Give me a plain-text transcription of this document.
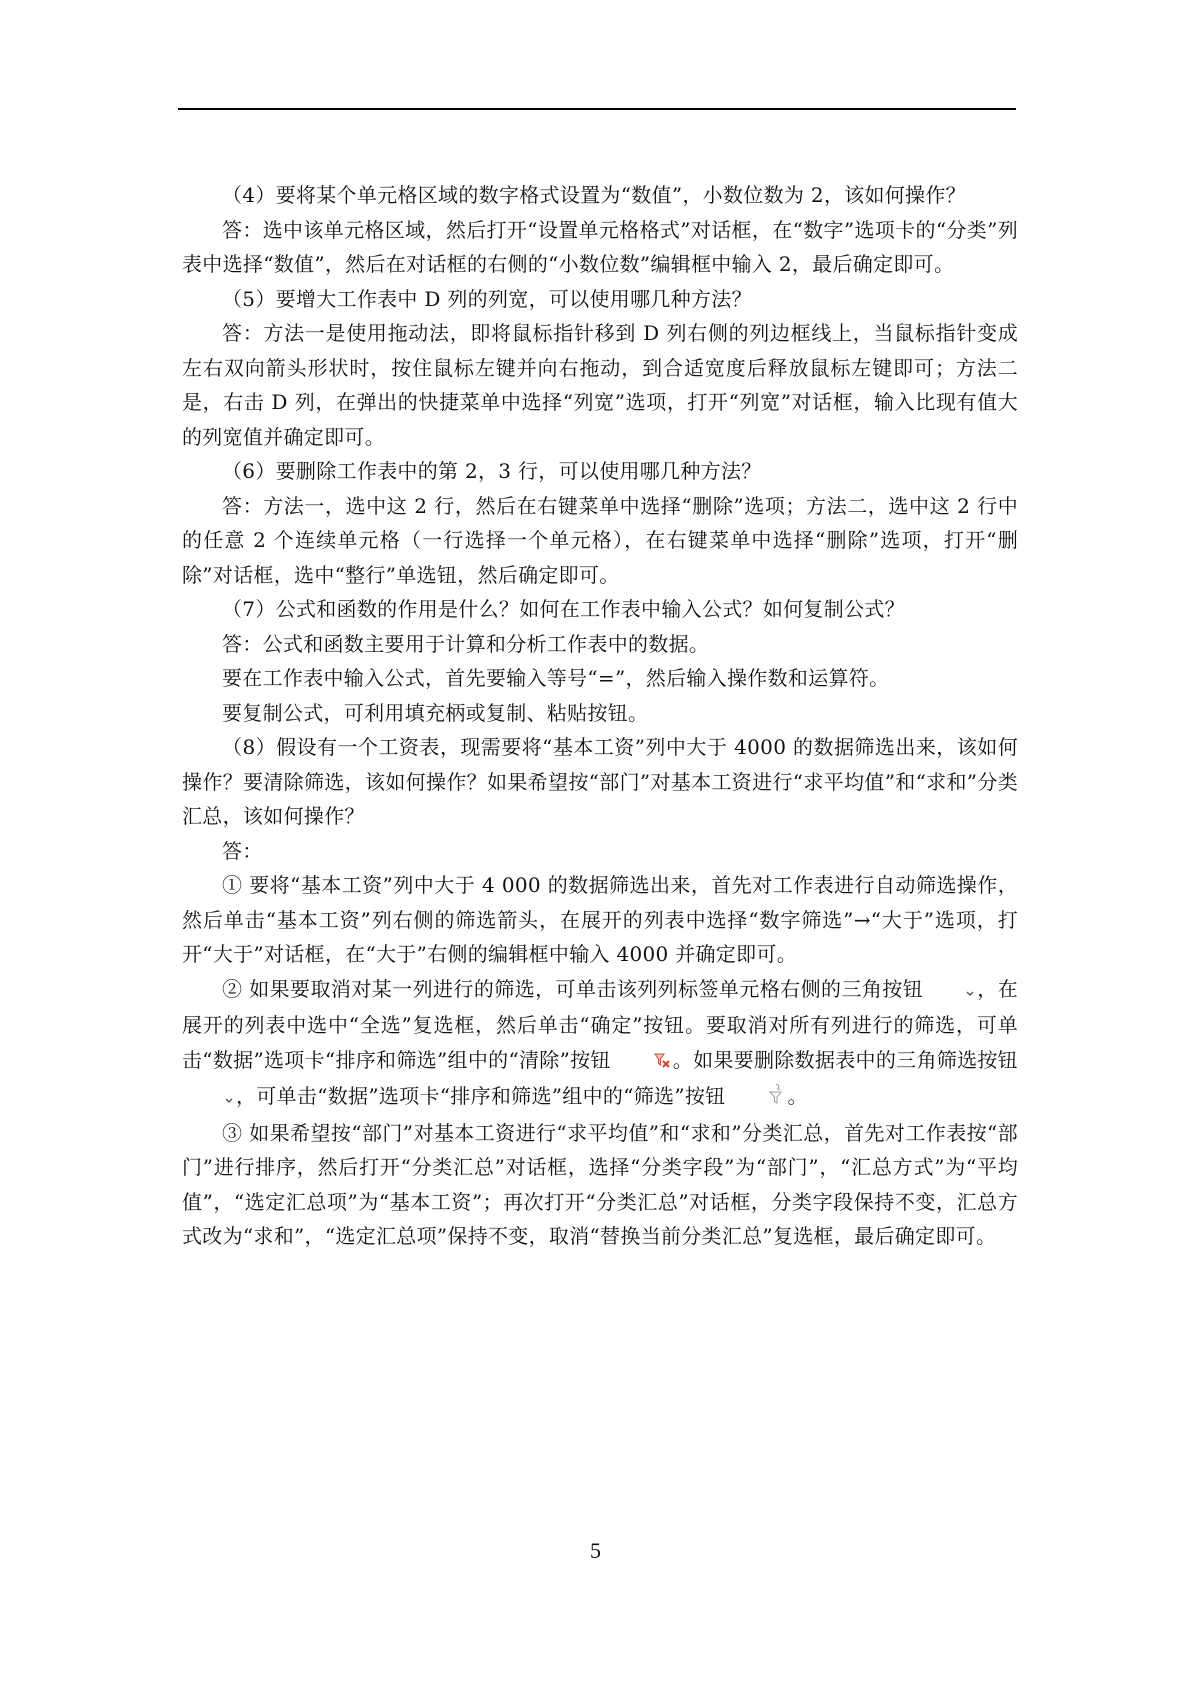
（4）要将某个单元格区域的数字格式设置为“数值”，小数位数为 2，该如何操作？

答：选中该单元格区域，然后打开“设置单元格格式”对话框，在“数字”选项卡的“分类”列表中选择“数值”，然后在对话框的右侧的“小数位数”编辑框中输入 2，最后确定即可。

（5）要增大工作表中 D 列的列宽，可以使用哪几种方法？

答：方法一是使用拖动法，即将鼠标指针移到 D 列右侧的列边框线上，当鼠标指针变成左右双向箭头形状时，按住鼠标左键并向右拖动，到合适宽度后释放鼠标左键即可；方法二是，右击 D 列，在弹出的快捷菜单中选择“列宽”选项，打开“列宽”对话框，输入比现有值大的列宽值并确定即可。

（6）要删除工作表中的第 2，3 行，可以使用哪几种方法？

答：方法一，选中这 2 行，然后在右键菜单中选择“删除”选项；方法二，选中这 2 行中的任意 2 个连续单元格（一行选择一个单元格），在右键菜单中选择“删除”选项，打开“删除”对话框，选中“整行”单选钮，然后确定即可。

（7）公式和函数的作用是什么？如何在工作表中输入公式？如何复制公式？

答：公式和函数主要用于计算和分析工作表中的数据。

要在工作表中输入公式，首先要输入等号“=”，然后输入操作数和运算符。

要复制公式，可利用填充柄或复制、粘贴按钮。

（8）假设有一个工资表，现需要将“基本工资”列中大于 4000 的数据筛选出来，该如何操作？要清除筛选，该如何操作？如果希望按“部门”对基本工资进行“求平均值”和“求和”分类汇总，该如何操作？

答：

① 要将“基本工资”列中大于 4 000 的数据筛选出来，首先对工作表进行自动筛选操作，然后单击“基本工资”列右侧的筛选箭头，在展开的列表中选择“数字筛选”→“大于”选项，打开“大于”对话框，在“大于”右侧的编辑框中输入 4000 并确定即可。

② 如果要取消对某一列进行的筛选，可单击该列列标签单元格右侧的三角按钮	，在展开的列表中选中“全选”复选框，然后单击“确定”按钮。要取消对所有列进行的筛选，可单击“数据”选项卡“排序和筛选”组中的“清除”按钮	。如果要删除数据表中的三角筛选按钮，可单击“数据”选项卡“排序和筛选”组中的“筛选”按钮	。

③ 如果希望按“部门”对基本工资进行“求平均值”和“求和”分类汇总，首先对工作表按“部门”进行排序，然后打开“分类汇总”对话框，选择“分类字段”为“部门”，“汇总方式”为“平均值”，“选定汇总项”为“基本工资”；再次打开“分类汇总”对话框，分类字段保持不变，汇总方式改为“求和”，“选定汇总项”保持不变，取消“替换当前分类汇总”复选框，最后确定即可。

5
